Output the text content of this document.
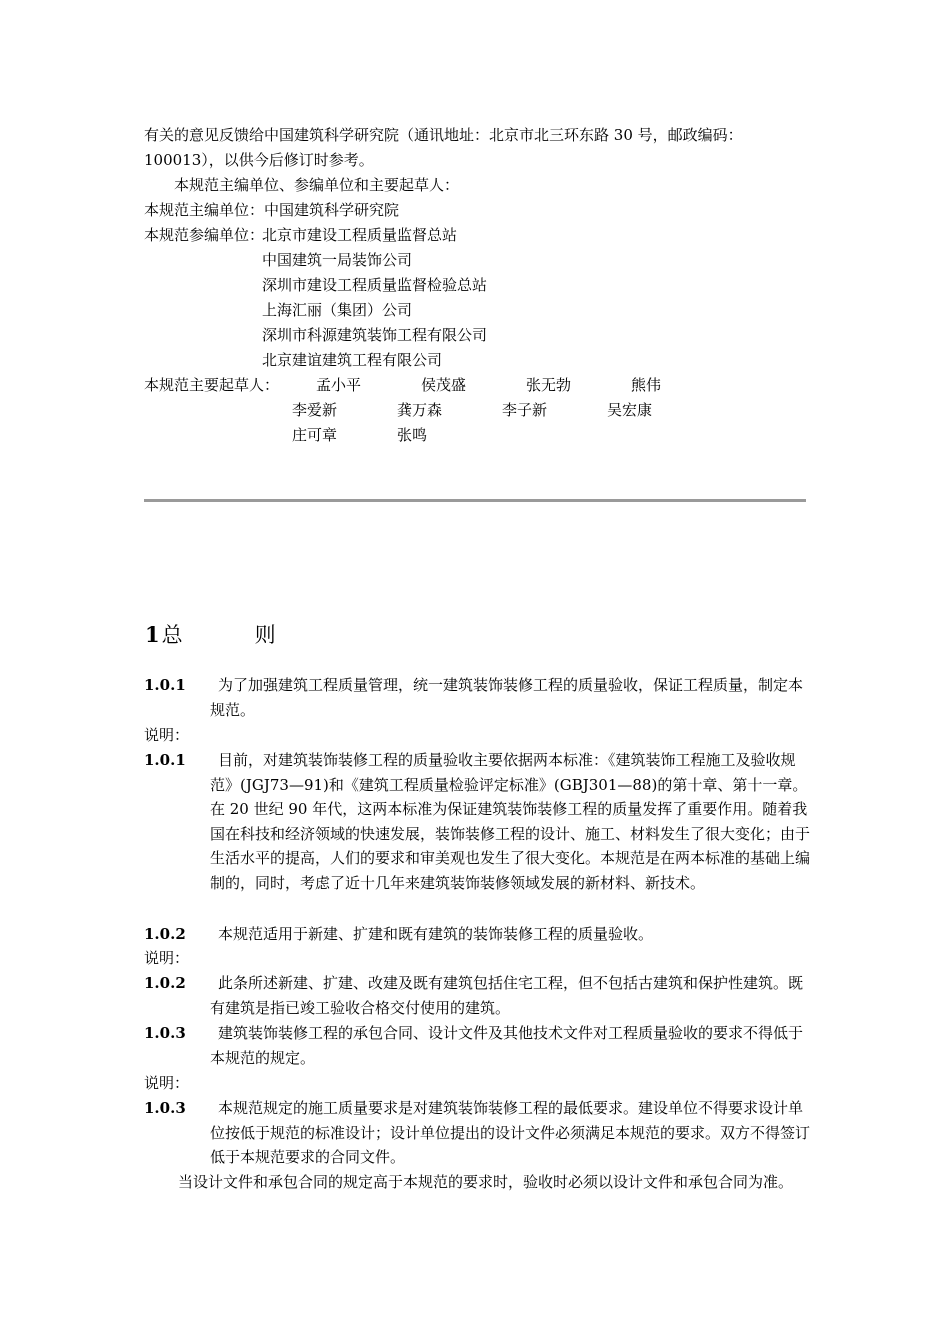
有关的意见反馈给中国建筑科学研究院（通讯地址：北京市北三环东路 30 号，邮政编码：
100013），以供今后修订时参考。
本规范主编单位、参编单位和主要起草人：
本规范主编单位：中国建筑科学研究院
本规范参编单位：
北京市建设工程质量监督总站
中国建筑一局装饰公司
深圳市建设工程质量监督检验总站
上海汇丽（集团）公司
深圳市科源建筑装饰工程有限公司
北京建谊建筑工程有限公司
本规范主要起草人： 孟小平	侯茂盛	张无勃	熊伟
李爱新	龚万森	李子新	吴宏康
庄可章	张鸣
1总	则
1.0.1	为了加强建筑工程质量管理，统一建筑装饰装修工程的质量验收，保证工程质量，制定本规范。
说明：
1.0.1	目前，对建筑装饰装修工程的质量验收主要依据两本标准：《建筑装饰工程施工及验收规范》(JGJ73—91)和《建筑工程质量检验评定标准》(GBJ301—88)的第十章、第十一章。在 20 世纪 90 年代，这两本标准为保证建筑装饰装修工程的质量发挥了重要作用。随着我国在科技和经济领域的快速发展，装饰装修工程的设计、施工、材料发生了很大变化；由于生活水平的提高，人们的要求和审美观也发生了很大变化。本规范是在两本标准的基础上编制的，同时，考虑了近十几年来建筑装饰装修领域发展的新材料、新技术。
1.0.2	本规范适用于新建、扩建和既有建筑的装饰装修工程的质量验收。
说明：
1.0.2	此条所述新建、扩建、改建及既有建筑包括住宅工程，但不包括古建筑和保护性建筑。既有建筑是指已竣工验收合格交付使用的建筑。
1.0.3	建筑装饰装修工程的承包合同、设计文件及其他技术文件对工程质量验收的要求不得低于本规范的规定。
说明：
1.0.3	本规范规定的施工质量要求是对建筑装饰装修工程的最低要求。建设单位不得要求设计单位按低于规范的标准设计；设计单位提出的设计文件必须满足本规范的要求。双方不得签订低于本规范要求的合同文件。
当设计文件和承包合同的规定高于本规范的要求时，验收时必须以设计文件和承包合同为准。
